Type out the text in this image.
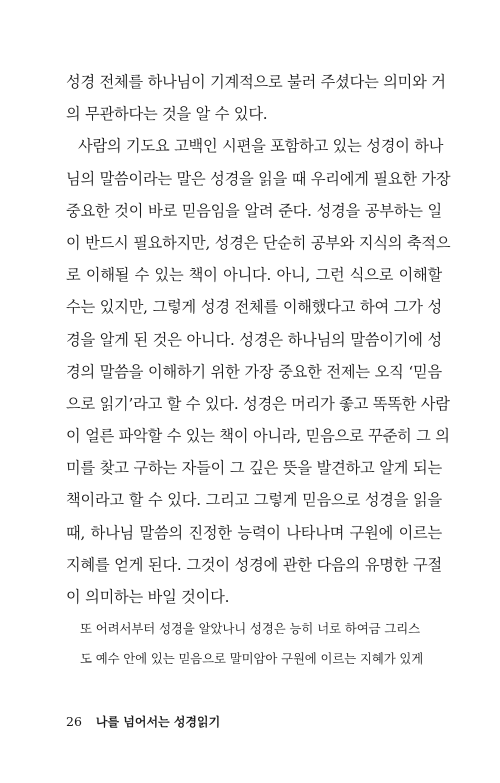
성경 전체를 하나님이 기계적으로 불러 주셨다는 의미와 거
의 무관하다는 것을 알 수 있다.
사람의 기도요 고백인 시편을 포함하고 있는 성경이 하나
님의 말씀이라는 말은 성경을 읽을 때 우리에게 필요한 가장
중요한 것이 바로 믿음임을 알려 준다. 성경을 공부하는 일
이 반드시 필요하지만, 성경은 단순히 공부와 지식의 축적으
로 이해될 수 있는 책이 아니다. 아니, 그런 식으로 이해할
수는 있지만, 그렇게 성경 전체를 이해했다고 하여 그가 성
경을 알게 된 것은 아니다. 성경은 하나님의 말씀이기에 성
경의 말씀을 이해하기 위한 가장 중요한 전제는 오직 ‘믿음
으로 읽기’라고 할 수 있다. 성경은 머리가 좋고 똑똑한 사람
이 얼른 파악할 수 있는 책이 아니라, 믿음으로 꾸준히 그 의
미를 찾고 구하는 자들이 그 깊은 뜻을 발견하고 알게 되는
책이라고 할 수 있다. 그리고 그렇게 믿음으로 성경을 읽을
때, 하나님 말씀의 진정한 능력이 나타나며 구원에 이르는
지혜를 얻게 된다. 그것이 성경에 관한 다음의 유명한 구절
이 의미하는 바일 것이다.
또 어려서부터 성경을 알았나니 성경은 능히 너로 하여금 그리스
도 예수 안에 있는 믿음으로 말미암아 구원에 이르는 지혜가 있게
26 나를 넘어서는 성경읽기
